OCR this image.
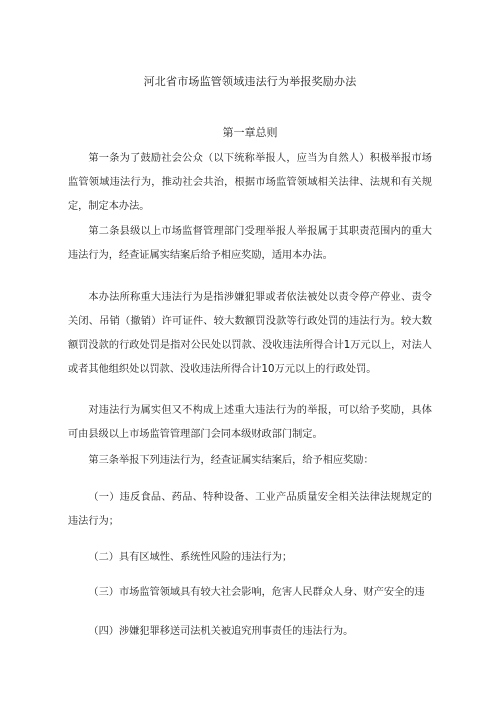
河北省市场监管领域违法行为举报奖励办法
第一章总则

第一条为了鼓励社会公众（以下统称举报人，应当为自然人）积极举报市场监管领域违法行为，推动社会共治，根据市场监管领域相关法律、法规和有关规定，制定本办法。

第二条县级以上市场监督管理部门受理举报人举报属于其职责范围内的重大违法行为，经查证属实结案后给予相应奖励，适用本办法。

本办法所称重大违法行为是指涉嫌犯罪或者依法被处以责令停产停业、责令关闭、吊销（撤销）许可证件、较大数额罚没款等行政处罚的违法行为。较大数额罚没款的行政处罚是指对公民处以罚款、没收违法所得合计1万元以上，对法人或者其他组织处以罚款、没收违法所得合计10万元以上的行政处罚。

对违法行为属实但又不构成上述重大违法行为的举报，可以给予奖励，具体可由县级以上市场监管管理部门会同本级财政部门制定。

第三条举报下列违法行为，经查证属实结案后，给予相应奖励：

（一）违反食品、药品、特种设备、工业产品质量安全相关法律法规规定的违法行为；

（二）具有区域性、系统性风险的违法行为；

（三）市场监管领域具有较大社会影响，危害人民群众人身、财产安全的违

（四）涉嫌犯罪移送司法机关被追究刑事责任的违法行为。
